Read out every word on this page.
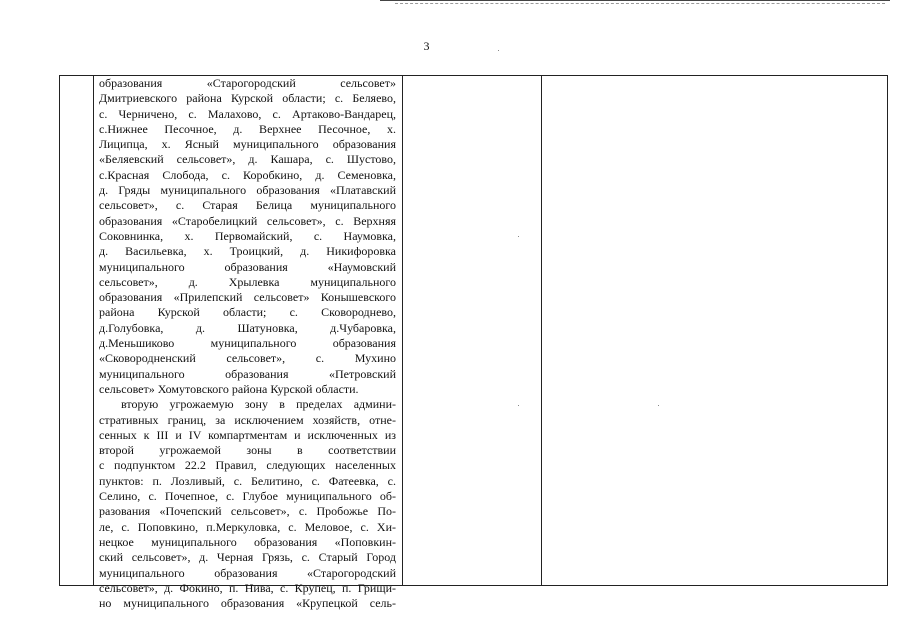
3
образования «Старогородский сельсовет»
Дмитриевского района Курской области; с. Беляево,
с. Черничено, с. Малахово, с. Артаково-Вандарец,
с.Нижнее Песочное, д. Верхнее Песочное, х.
Лиципца, х. Ясный муниципального образования
«Беляевский сельсовет», д. Кашара, с. Шустово,
с.Красная Слобода, с. Коробкино, д. Семеновка,
д. Гряды муниципального образования «Платавский
сельсовет», с. Старая Белица муниципального
образования «Старобелицкий сельсовет», с. Верхняя
Соковнинка, х. Первомайский, с. Наумовка,
д. Васильевка, х. Троицкий, д. Никифоровка
муниципального образования «Наумовский
сельсовет», д. Хрылевка муниципального
образования «Прилепский сельсовет» Конышевского
района Курской области; с. Сковороднево,
д.Голубовка, д. Шатуновка, д.Чубаровка,
д.Меньшиково муниципального образования
«Сковородненский сельсовет», с. Мухино
муниципального образования «Петровский
сельсовет» Хомутовского района Курской области.
вторую угрожаемую зону в пределах админи-
стративных границ, за исключением хозяйств, отне-
сенных к III и IV компартментам и исключенных из
второй угрожаемой зоны в соответствии
с подпунктом 22.2 Правил, следующих населенных
пунктов: п. Лозливый, с. Белитино, с. Фатеевка, с.
Селино, с. Почепное, с. Глубое муниципального об-
разования «Почепский сельсовет», с. Пробожье По-
ле, с. Поповкино, п.Меркуловка, с. Меловое, с. Хи-
нецкое муниципального образования «Поповкин-
ский сельсовет», д. Черная Грязь, с. Старый Город
муниципального образования «Старогородский
сельсовет», д. Фокино, п. Нива, с. Крупец, п. Грищи-
но муниципального образования «Крупецкой сель-
